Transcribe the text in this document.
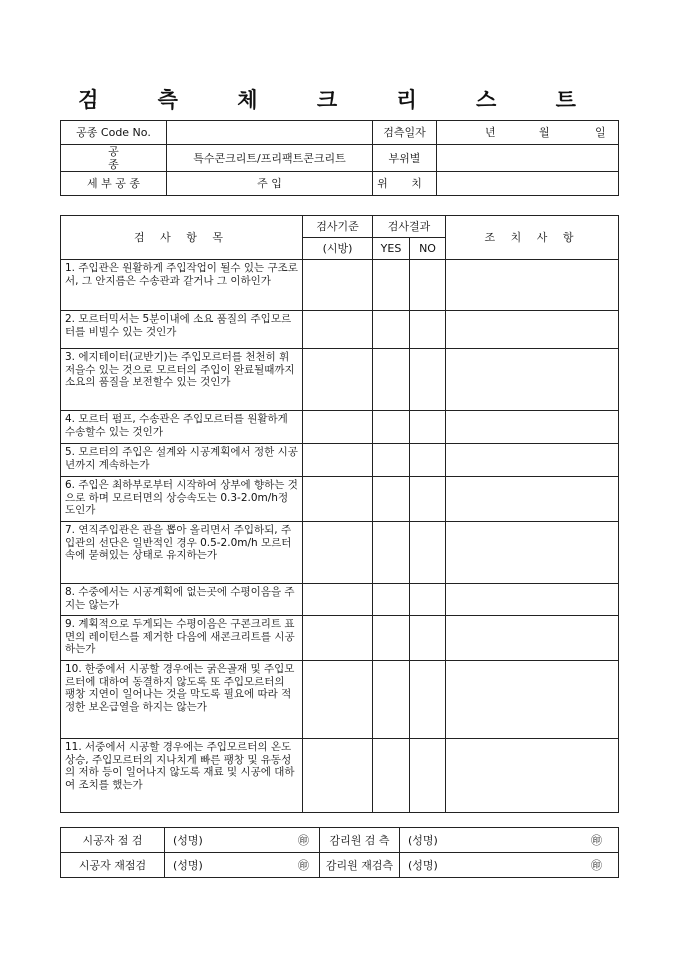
검 측 체 크 리 스 트
공종 Code No.		검측일자	년 월 일

공 종	특수콘크리트/프리팩트콘크리트	부위별	
세 부 공 종	주 입	위 치	
검 사 항 목	검사기준	검사결과		조 치 사 항
	(시방)	YES	NO	
1. 주입관은 원활하게 주입작업이 될수 있는 구조로서, 그 안지름은 수송관과 같거나 그 이하인가				
2. 모르터믹서는 5분이내에 소요 품질의 주입모르터를 비빌수 있는 것인가				
3. 에지테이터(교반기)는 주입모르터를 천천히 휘저을수 있는 것으로 모르터의 주입이 완료될때까지 소요의 품질을 보전할수 있는 것인가				
4. 모르터 펌프, 수송관은 주입모르터를 원활하게 수송할수 있는 것인가				
5. 모르터의 주입은 설계와 시공계획에서 정한 시공년까지 계속하는가				
6. 주입은 최하부로부터 시작하여 상부에 향하는 것으로 하며 모르터면의 상승속도는 0.3-2.0m/h정도인가				
7. 연직주입관은 관을 뽑아 올리면서 주입하되, 주입관의 선단은 일반적인 경우 0.5-2.0m/h 모르터속에 묻혀있는 상태로 유지하는가				
8. 수중에서는 시공계획에 없는곳에 수평이음을 주지는 않는가				
9. 계획적으로 두게되는 수평이음은 구콘크리트 표면의 레이턴스를 제거한 다음에 새콘크리트를 시공하는가				
10. 한중에서 시공할 경우에는 굵은골재 및 주입모르터에 대하여 동결하지 않도록 또 주입모르터의 팽창 지연이 일어나는 것을 막도록 필요에 따라 적정한 보온급열을 하지는 않는가				
11. 서중에서 시공할 경우에는 주입모르터의 온도 상승, 주입모르터의 지나치게 빠른 팽창 및 유동성의 저하 등이 일어나지 않도록 재료 및 시공에 대하여 조치를 했는가				
시공자 점 검	(성명) ㊞	감리원 검 측	(성명) ㊞

시공자 재점검	(성명) ㊞	감리원 재검측	(성명) ㊞
